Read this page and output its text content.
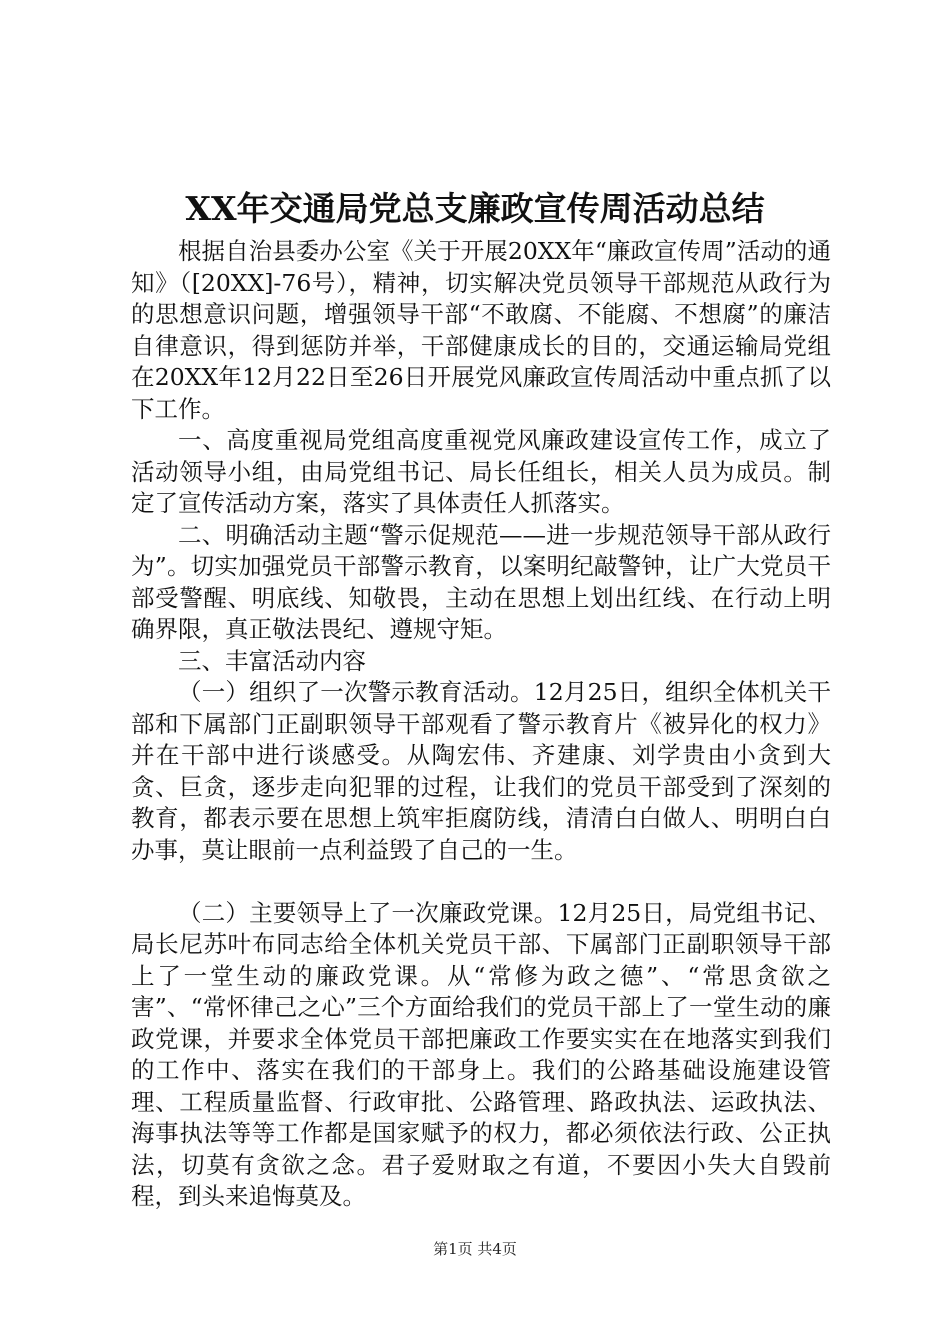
XX年交通局党总支廉政宣传周活动总结

根据自治县委办公室《关于开展20XX年“廉政宣传周”活动的通知》（[20XX]-76号），精神，切实解决党员领导干部规范从政行为的思想意识问题，增强领导干部“不敢腐、不能腐、不想腐”的廉洁自律意识，得到惩防并举，干部健康成长的目的，交通运输局党组在20XX年12月22日至26日开展党风廉政宣传周活动中重点抓了以下工作。

一、高度重视局党组高度重视党风廉政建设宣传工作，成立了活动领导小组，由局党组书记、局长任组长，相关人员为成员。制定了宣传活动方案，落实了具体责任人抓落实。

二、明确活动主题“警示促规范——进一步规范领导干部从政行为”。切实加强党员干部警示教育，以案明纪敲警钟，让广大党员干部受警醒、明底线、知敬畏，主动在思想上划出红线、在行动上明确界限，真正敬法畏纪、遵规守矩。

三、丰富活动内容

（一）组织了一次警示教育活动。12月25日，组织全体机关干部和下属部门正副职领导干部观看了警示教育片《被异化的权力》并在干部中进行谈感受。从陶宏伟、齐建康、刘学贵由小贪到大贪、巨贪，逐步走向犯罪的过程，让我们的党员干部受到了深刻的教育，都表示要在思想上筑牢拒腐防线，清清白白做人、明明白白办事，莫让眼前一点利益毁了自己的一生。

（二）主要领导上了一次廉政党课。12月25日，局党组书记、局长尼苏叶布同志给全体机关党员干部、下属部门正副职领导干部上了一堂生动的廉政党课。从“常修为政之德”、“常思贪欲之害”、“常怀律己之心”三个方面给我们的党员干部上了一堂生动的廉政党课，并要求全体党员干部把廉政工作要实实在在地落实到我们的工作中、落实在我们的干部身上。我们的公路基础设施建设管理、工程质量监督、行政审批、公路管理、路政执法、运政执法、海事执法等等工作都是国家赋予的权力，都必须依法行政、公正执法，切莫有贪欲之念。君子爱财取之有道，不要因小失大自毁前程，到头来追悔莫及。

第1页 共4页
